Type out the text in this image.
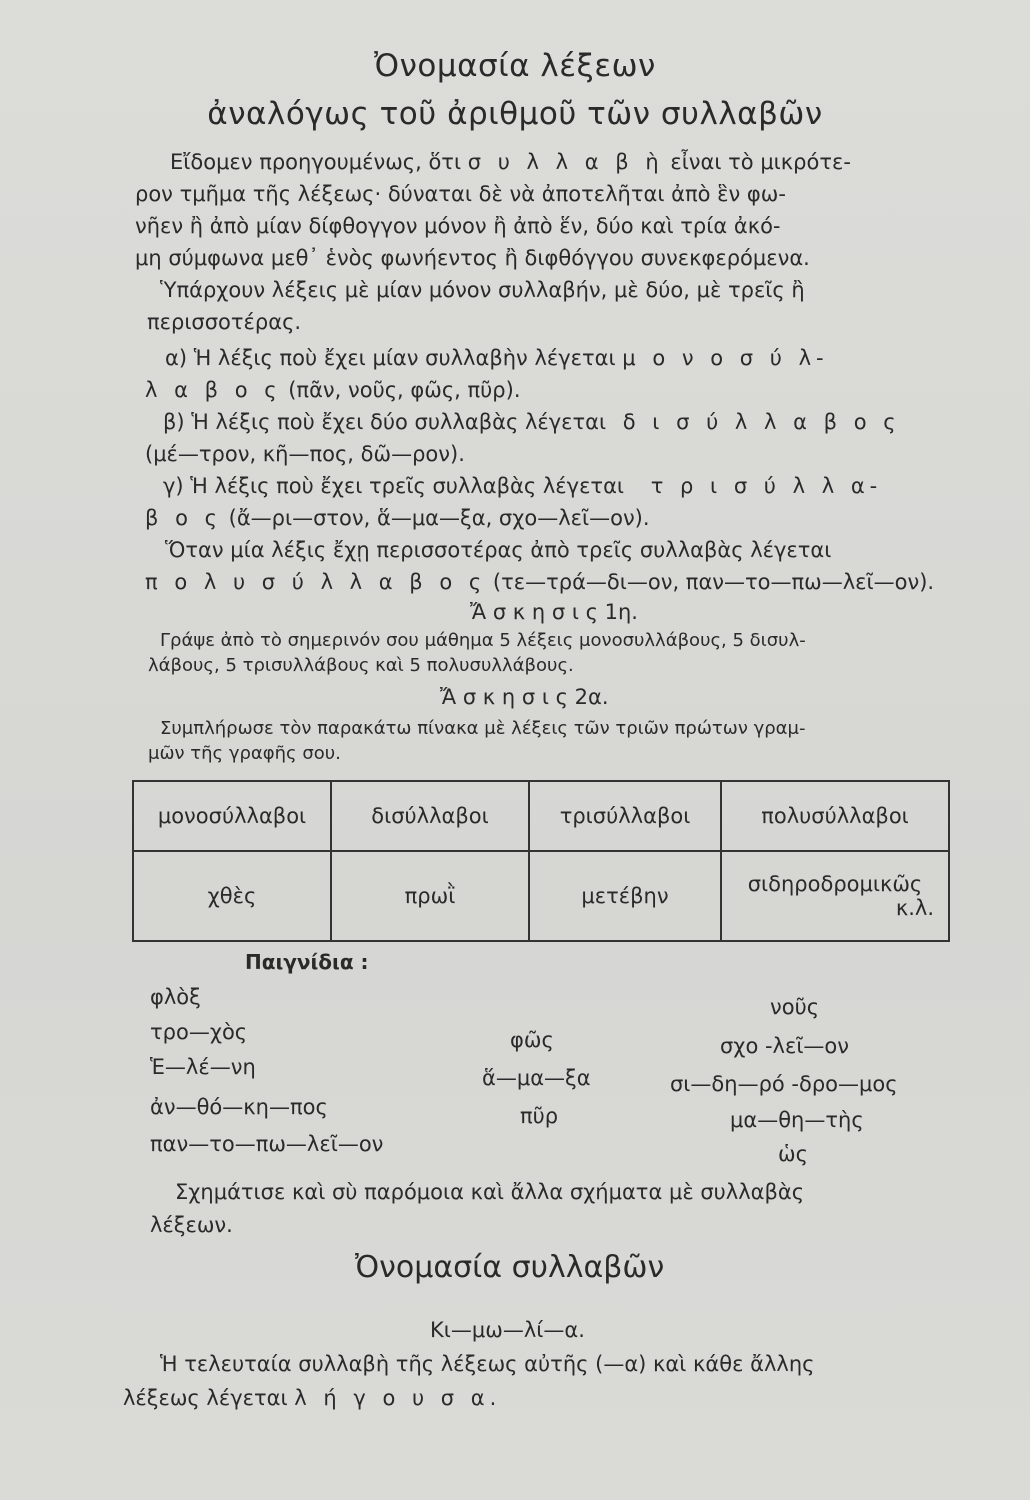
Ὀνομασία λέξεων
ἀναλόγως τοῦ ἀριθμοῦ τῶν συλλαβῶν
Εἴδομεν προηγουμένως, ὅτι σ υ λ λ α β ὴ εἶναι τὸ μικρότε-
ρον τμῆμα τῆς λέξεως· δύναται δὲ νὰ ἀποτελῆται ἀπὸ ἓν φω-
νῆεν ἢ ἀπὸ μίαν δίφθογγον μόνον ἢ ἀπὸ ἕν, δύο καὶ τρία ἀκό-
μη σύμφωνα μεθ᾽ ἑνὸς φωνήεντος ἢ διφθόγγου συνεκφερόμενα.
Ὑπάρχουν λέξεις μὲ μίαν μόνον συλλαβήν, μὲ δύο, μὲ τρεῖς ἢ
περισσοτέρας.
α) Ἡ λέξις ποὺ ἔχει μίαν συλλαβὴν λέγεται μ ο ν ο σ ύ λ-
λ α β ο ς (πᾶν, νοῦς, φῶς, πῦρ).
β) Ἡ λέξις ποὺ ἔχει δύο συλλαβὰς λέγεται δ ι σ ύ λ λ α β ο ς
(μέ—τρον, κῆ—πος, δῶ—ρον).
γ) Ἡ λέξις ποὺ ἔχει τρεῖς συλλαβὰς λέγεται τ ρ ι σ ύ λ λ α-
β ο ς (ἄ—ρι—στον, ἅ—μα—ξα, σχο—λεῖ—ον).
Ὅταν μία λέξις ἔχῃ περισσοτέρας ἀπὸ τρεῖς συλλαβὰς λέγεται
π ο λ υ σ ύ λ λ α β ο ς (τε—τρά—δι—ον, παν—το—πω—λεῖ—ον).
Ἄ σ κ η σ ι ς 1η.
Γράψε ἀπὸ τὸ σημερινόν σου μάθημα 5 λέξεις μονοσυλλάβους, 5 δισυλ-
λάβους, 5 τρισυλλάβους καὶ 5 πολυσυλλάβους.
Ἄ σ κ η σ ι ς 2α.
Συμπλήρωσε τὸν παρακάτω πίνακα μὲ λέξεις τῶν τριῶν πρώτων γραμ-
μῶν τῆς γραφῆς σου.
μονοσύλλαβοι	δισύλλαβοι	τρισύλλαβοι	πολυσύλλαβοι
χθὲς	πρωῒ	μετέβην	σιδηροδρομικῶς
κ.λ.
Παιγνίδια :
φλὸξ
τρο—χὸς
Ἑ—λέ—νη
ἀν—θό—κη—πος
παν—το—πω—λεῖ—ον
φῶς
ἅ—μα—ξα
πῦρ
νοῦς
σχο -λεῖ—ον
σι—δη—ρό -δρο—μος
μα—θη—τὴς
ὡς
Σχημάτισε καὶ σὺ παρόμοια καὶ ἄλλα σχήματα μὲ συλλαβὰς
λέξεων.
Ὀνομασία συλλαβῶν
Κι—μω—λί—α.
Ἡ τελευταία συλλαβὴ τῆς λέξεως αὐτῆς (—α) καὶ κάθε ἄλλης
λέξεως λέγεται λ ή γ ο υ σ α.
